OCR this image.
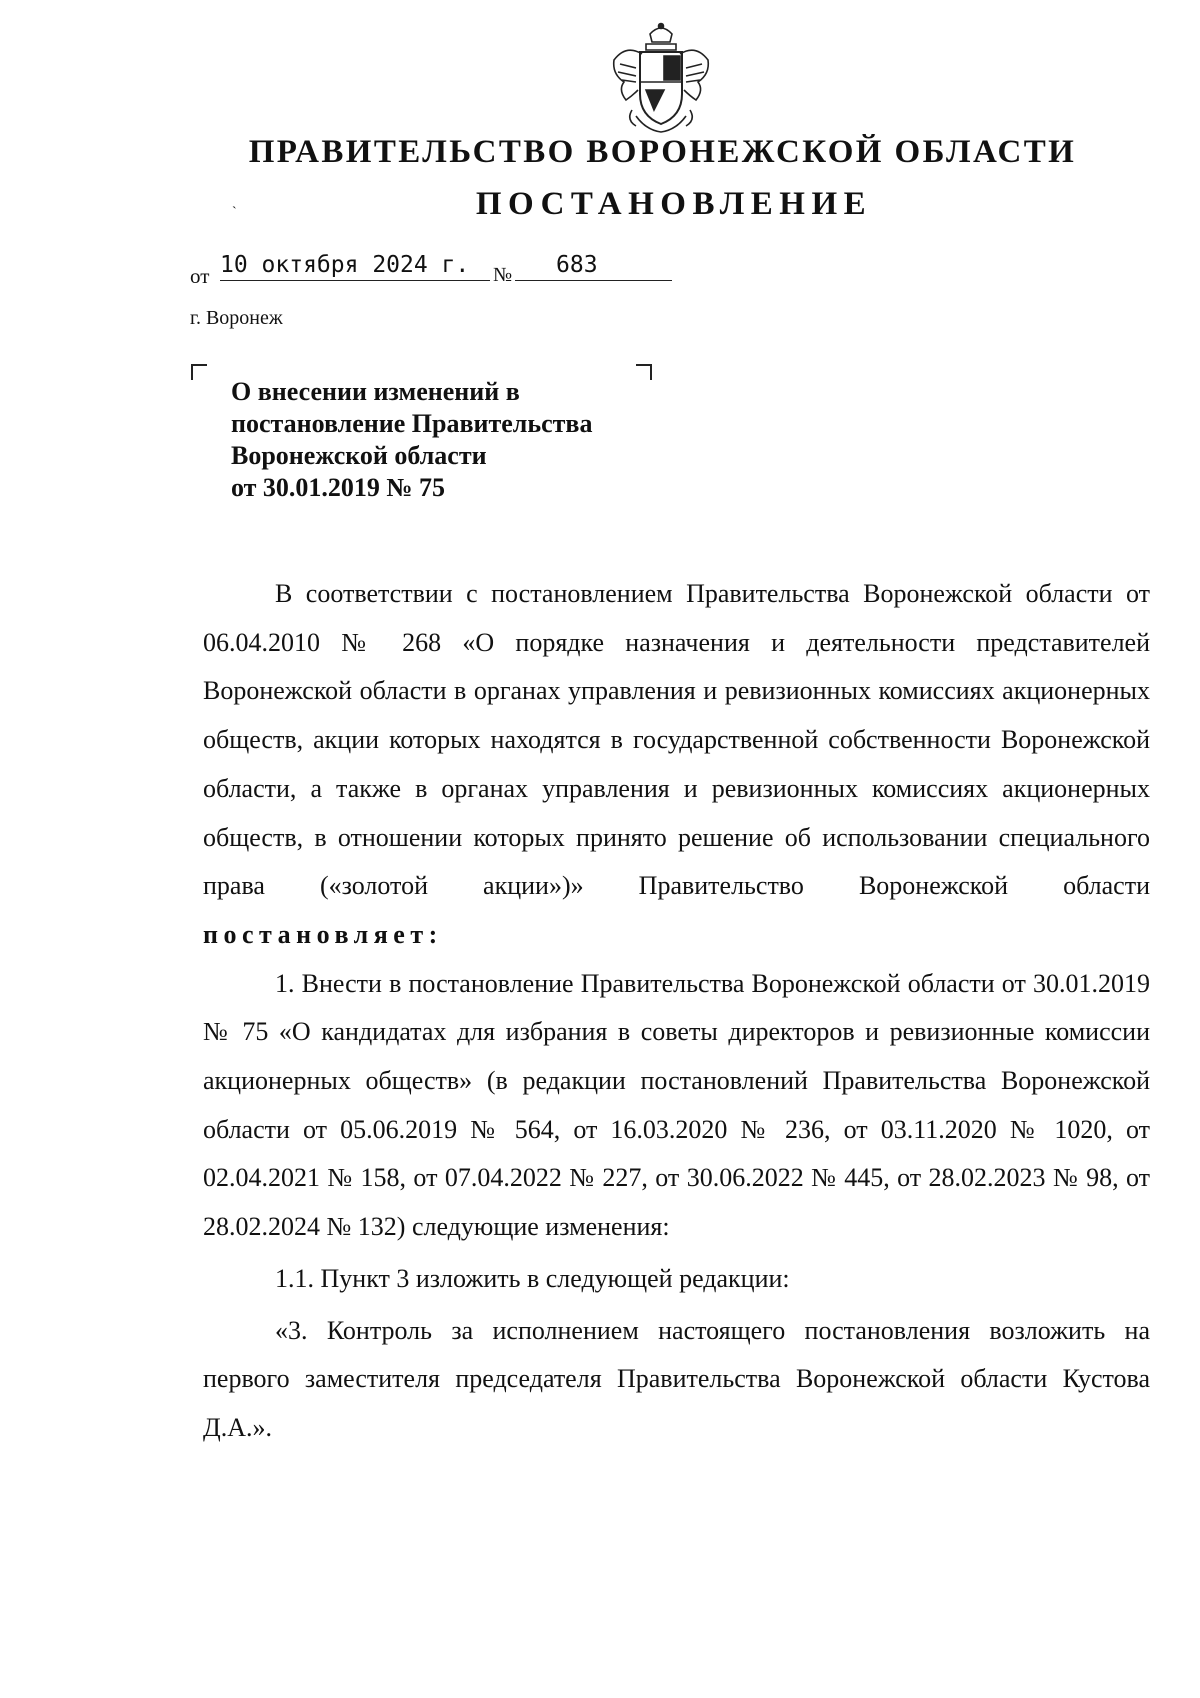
ПРАВИТЕЛЬСТВО ВОРОНЕЖСКОЙ ОБЛАСТИ
ПОСТАНОВЛЕНИЕ
`
от 10 октября 2024 г.	№ 683
г. Воронеж
О внесении изменений в
постановление Правительства
Воронежской области
от 30.01.2019 № 75

В соответствии с постановлением Правительства Воронежской области от 06.04.2010 № 268 «О порядке назначения и деятельности представителей Воронежской области в органах управления и ревизионных комиссиях акционерных обществ, акции которых находятся в государственной собственности Воронежской области, а также в органах управления и ревизионных комиссиях акционерных обществ, в отношении которых принято решение об использовании специального права («золотой акции»)» Правительство Воронежской области постановляет:

1. Внести в постановление Правительства Воронежской области от 30.01.2019 № 75 «О кандидатах для избрания в советы директоров и ревизионные комиссии акционерных обществ» (в редакции постановлений Правительства Воронежской области от 05.06.2019 № 564, от 16.03.2020 № 236, от 03.11.2020 № 1020, от 02.04.2021 № 158, от 07.04.2022 № 227, от 30.06.2022 № 445, от 28.02.2023 № 98, от 28.02.2024 № 132) следующие изменения:

1.1. Пункт 3 изложить в следующей редакции:

«3. Контроль за исполнением настоящего постановления возложить на первого заместителя председателя Правительства Воронежской области Кустова Д.А.».
